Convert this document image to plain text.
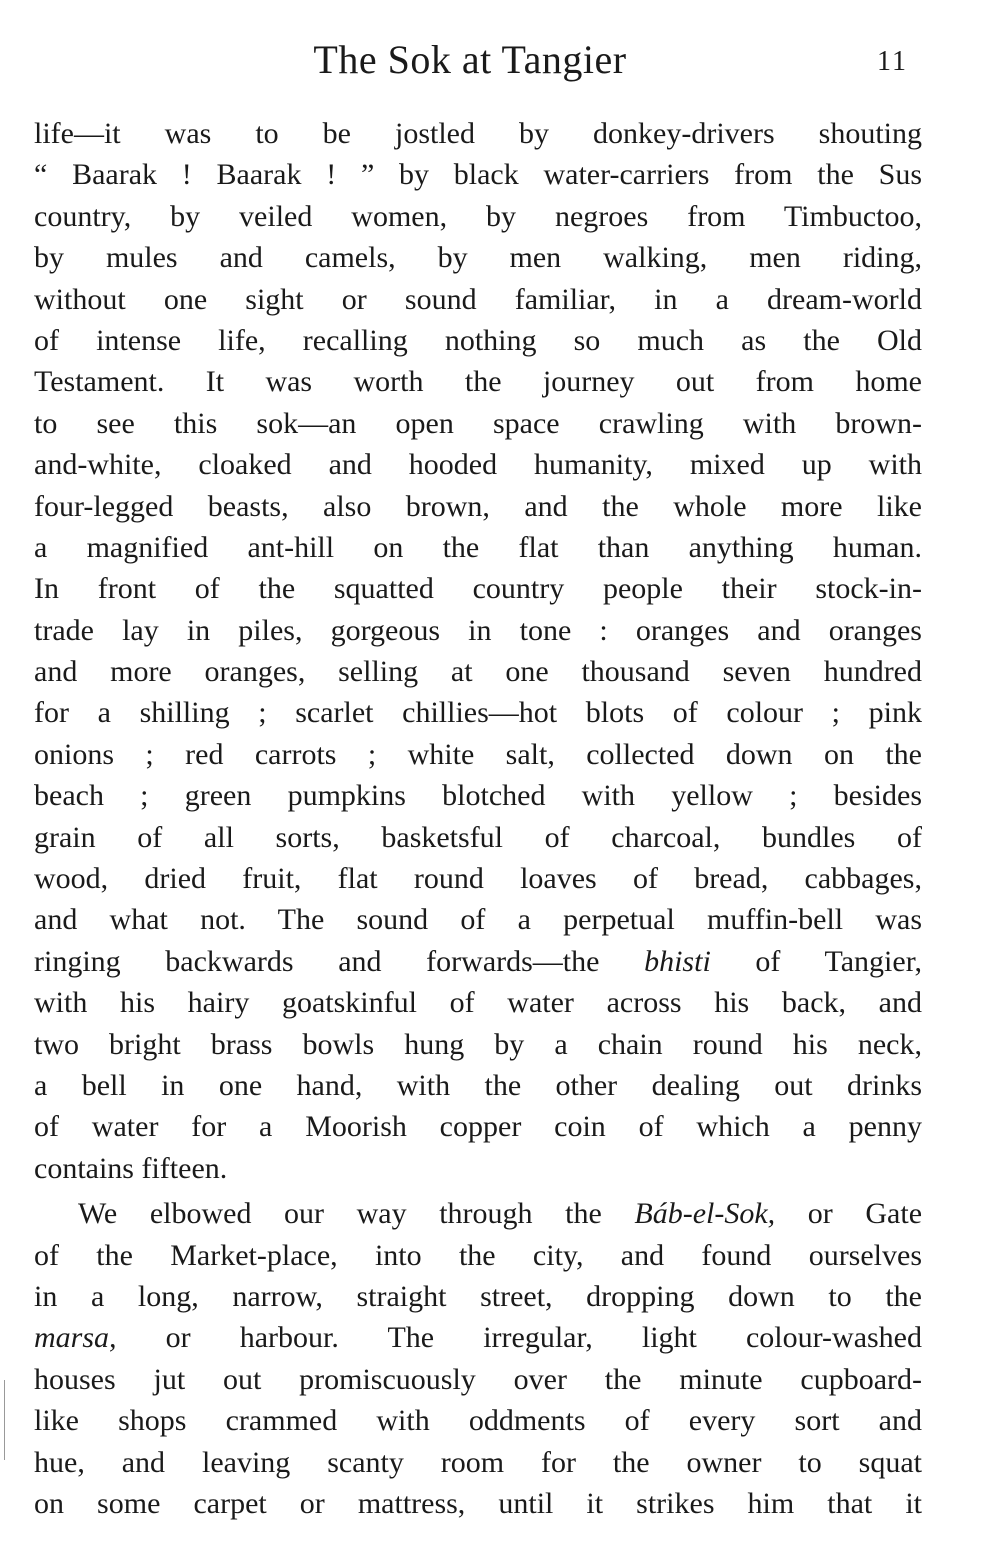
The Sok at Tangier	11
life—it was to be jostled by donkey-drivers shouting
“ Baarak ! Baarak ! ” by black water-carriers from the Sus
country, by veiled women, by negroes from Timbuctoo,
by mules and camels, by men walking, men riding,
without one sight or sound familiar, in a dream-world
of intense life, recalling nothing so much as the Old
Testament. It was worth the journey out from home
to see this sok—an open space crawling with brown-
and-white, cloaked and hooded humanity, mixed up with
four-legged beasts, also brown, and the whole more like
a magnified ant-hill on the flat than anything human.
In front of the squatted country people their stock-in-
trade lay in piles, gorgeous in tone : oranges and oranges
and more oranges, selling at one thousand seven hundred
for a shilling ; scarlet chillies—hot blots of colour ; pink
onions ; red carrots ; white salt, collected down on the
beach ; green pumpkins blotched with yellow ; besides
grain of all sorts, basketsful of charcoal, bundles of
wood, dried fruit, flat round loaves of bread, cabbages,
and what not. The sound of a perpetual muffin-bell was
ringing backwards and forwards—the bhisti of Tangier,
with his hairy goatskinful of water across his back, and
two bright brass bowls hung by a chain round his neck,
a bell in one hand, with the other dealing out drinks
of water for a Moorish copper coin of which a penny
contains fifteen.
We elbowed our way through the Báb-el-Sok, or Gate
of the Market-place, into the city, and found ourselves
in a long, narrow, straight street, dropping down to the
marsa, or harbour. The irregular, light colour-washed
houses jut out promiscuously over the minute cupboard-
like shops crammed with oddments of every sort and
hue, and leaving scanty room for the owner to squat
on some carpet or mattress, until it strikes him that it
